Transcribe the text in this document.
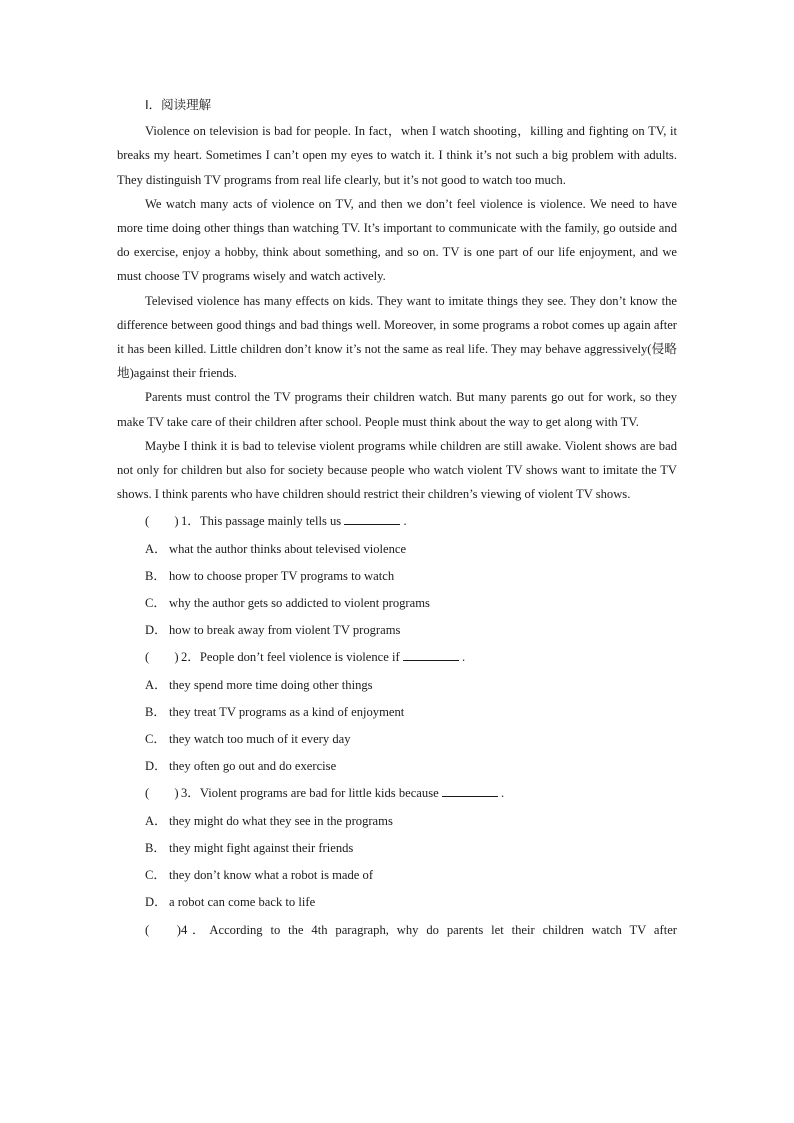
Ⅰ．阅读理解

Violence on television is bad for people. In fact，when I watch shooting，killing and fighting on TV, it breaks my heart. Sometimes I can’t open my eyes to watch it. I think it’s not such a big problem with adults. They distinguish TV programs from real life clearly, but it’s not good to watch too much.

We watch many acts of violence on TV, and then we don’t feel violence is violence. We need to have more time doing other things than watching TV. It’s important to communicate with the family, go outside and do exercise, enjoy a hobby, think about something, and so on. TV is one part of our life enjoyment, and we must choose TV programs wisely and watch actively.

Televised violence has many effects on kids. They want to imitate things they see. They don’t know the difference between good things and bad things well. Moreover, in some programs a robot comes up again after it has been killed. Little children don’t know it’s not the same as real life. They may behave aggressively(侵略地)against their friends.

Parents must control the TV programs their children watch. But many parents go out for work, so they make TV take care of their children after school. People must think about the way to get along with TV.

Maybe I think it is bad to televise violent programs while children are still awake. Violent shows are bad not only for children but also for society because people who watch violent TV shows want to imitate the TV shows. I think parents who have children should restrict their children’s viewing of violent TV shows.

(　　) 1．This passage mainly tells us	.

A． what the author thinks about televised violence
B． how to choose proper TV programs to watch
C． why the author gets so addicted to violent programs
D． how to break away from violent TV programs

(　　) 2．People don’t feel violence is violence if	.

A． they spend more time doing other things
B． they treat TV programs as a kind of enjoyment
C． they watch too much of it every day
D． they often go out and do exercise

(　　) 3．Violent programs are bad for little kids because	.

A． they might do what they see in the programs
B． they might fight against their friends
C． they don’t know what a robot is made of
D． a robot can come back to life

(　　)4．According to the 4th paragraph, why do parents let their children watch TV after
